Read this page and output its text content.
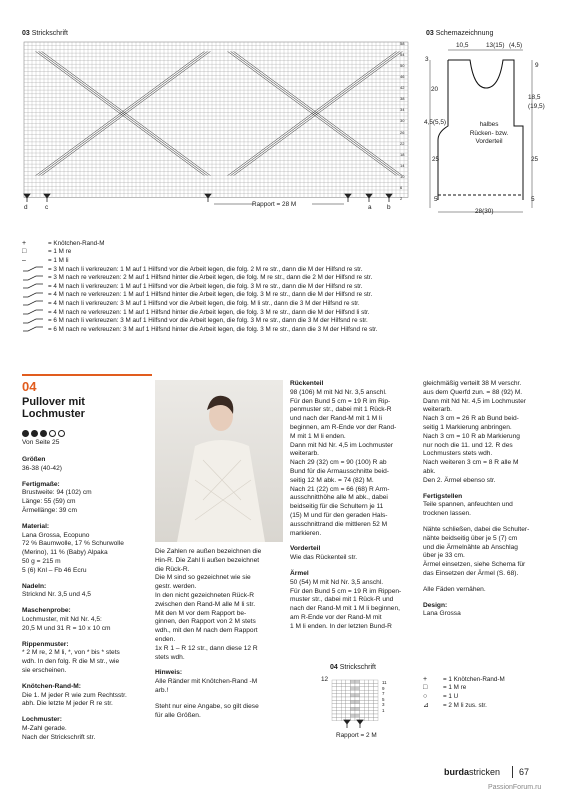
03 Strickschrift
58
54
50
46
42
38
34
30
26
22
18
14
10
6
2
d	c	a b
Rapport = 28 M
03 Schemazeichnung
10,5	13(15) (4,5)
3
20
4,5(5,5)
25
5
9
18,5
(19,5)
25
5
28(30)
halbes
Rücken- bzw.
Vorderteil
+	= Knötchen-Rand-M
□	= 1 M re
–	= 1 M li
= 3 M nach li verkreuzen: 1 M auf 1 Hilfsnd vor die Arbeit legen, die folg. 2 M re str., dann die M der Hilfsnd re str.
= 3 M nach re verkreuzen: 2 M auf 1 Hilfsnd hinter die Arbeit legen, die folg. M re str., dann die 2 M der Hilfsnd re str.
= 4 M nach li verkreuzen: 1 M auf 1 Hilfsnd vor die Arbeit legen, die folg. 3 M re str., dann die M der Hilfsnd re str.
= 4 M nach re verkreuzen: 1 M auf 1 Hilfsnd hinter die Arbeit legen, die folg. 3 M re str., dann die M der Hilfsnd re str.
= 4 M nach li verkreuzen: 3 M auf 1 Hilfsnd vor die Arbeit legen, die folg. M li str., dann die 3 M der Hilfsnd re str.
= 4 M nach re verkreuzen: 1 M auf 1 Hilfsnd hinter die Arbeit legen, die folg. 3 M re str., dann die M der Hilfsnd li str.
= 6 M nach li verkreuzen: 3 M auf 1 Hilfsnd vor die Arbeit legen, die folg. 3 M re str., dann die 3 M der Hilfsnd re str.
= 6 M nach re verkreuzen: 3 M auf 1 Hilfsnd hinter die Arbeit legen, die folg. 3 M re str., dann die 3 M der Hilfsnd re str.
04
Pullover mit
Lochmuster
Von Seite 25

Größen

36-38 (40-42)

Fertigmaße:

Brustweite: 94 (102) cm

Länge: 55 (59) cm

Ärmellänge: 39 cm

Material:

Lana Grossa, Ecopuno

72 % Baumwolle, 17 % Schurwolle

(Merino), 11 % (Baby) Alpaka

50 g = 215 m

5 (6) Knl – Fb 46 Ecru

Nadeln:

Stricknd Nr. 3,5 und 4,5

Maschenprobe:

Lochmuster, mit Nd Nr. 4,5:

20,5 M und 31 R = 10 x 10 cm

Rippenmuster:

* 2 M re, 2 M li, *, von * bis * stets

wdh. In den folg. R die M str., wie

sie erscheinen.

Knötchen-Rand-M:

Die 1. M jeder R wie zum Rechtsstr.

abh. Die letzte M jeder R re str.

Lochmuster:

M-Zahl gerade.

Nach der Strickschrift str.

Die Zahlen re außen bezeichnen die

Hin-R. Die Zahl li außen bezeichnet

die Rück-R.

Die M sind so gezeichnet wie sie

gestr. werden.

In den nicht gezeichneten Rück-R

zwischen den Rand-M alle M li str.

Mit den M vor dem Rapport be-

ginnen, den Rapport von 2 M stets

wdh., mit den M nach dem Rapport

enden.

1x R 1 – R 12 str., dann diese 12 R

stets wdh.

Hinweis:

Alle Ränder mit Knötchen-Rand -M

arb.!

Steht nur eine Angabe, so gilt diese

für alle Größen.

Rückenteil

98 (106) M mit Nd Nr. 3,5 anschl.

Für den Bund 5 cm = 19 R im Rip-

penmuster str., dabei mit 1 Rück-R

und nach der Rand-M mit 1 M li

beginnen, am R-Ende vor der Rand-

M mit 1 M li enden.

Dann mit Nd Nr. 4,5 im Lochmuster

weiterarb.

Nach 29 (32) cm = 90 (100) R ab

Bund für die Armausschnitte beid-

seitig 12 M abk. = 74 (82) M.

Nach 21 (22) cm = 66 (68) R Arm-

ausschnitthöhe alle M abk., dabei

beidseitig für die Schultern je 11

(15) M und für den geraden Hals-

ausschnittrand die mittleren 52 M

markieren.

Vorderteil

Wie das Rückenteil str.

Ärmel

50 (54) M mit Nd Nr. 3,5 anschl.

Für den Bund 5 cm = 19 R im Rippen-

muster str., dabei mit 1 Rück-R und

nach der Rand-M mit 1 M li beginnen,

am R-Ende vor der Rand-M mit

1 M li enden. In der letzten Bund-R

04 Strickschrift
12	11
9
7
5
3
1
Rapport = 2 M

gleichmäßig verteilt 38 M verschr.

aus dem Querfd zun. = 88 (92) M.

Dann mit Nd Nr. 4,5 im Lochmuster

weiterarb.

Nach 3 cm = 26 R ab Bund beid-

seitig 1 Markierung anbringen.

Nach 3 cm = 10 R ab Markierung

nur noch die 11. und 12. R des

Lochmusters stets wdh.

Nach weiteren 3 cm = 8 R alle M

abk.

Den 2. Ärmel ebenso str.

Fertigstellen

Teile spannen, anfeuchten und

trocknen lassen.

Nähte schließen, dabei die Schulter-

nähte beidseitig über je 5 (7) cm

und die Ärmelnähte ab Anschlag

über je 33 cm.

Ärmel einsetzen, siehe Schema für

das Einsetzen der Ärmel (S. 68).

Alle Fäden vernähen.

Design:

Lana Grossa

+	= 1 Knötchen-Rand-M
□	= 1 M re
○	= 1 U
⊿	= 2 M li zus. str.
burdastricken 67
PassionForum.ru
